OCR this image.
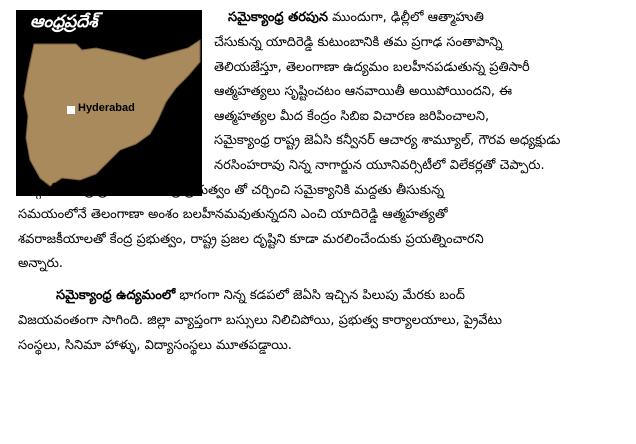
ఆంధ్రప్రదేశ్
Hyderabad
సమైక్యాంధ్ర తరపున ముందుగా, ఢిల్లీలో ఆత్మాహుతి
చేసుకున్న యాదిరెడ్డి కుటుంబానికి తమ ప్రగాఢ సంతాపాన్ని
తెలియజేస్తూ, తెలంగాణా ఉద్యమం బలహీనపడుతున్న ప్రతిసారీ
ఆత్మహత్యలు సృష్టించటం ఆనవాయితీ అయిపోయిందని, ఈ
ఆత్మహత్యల మీద కేంద్రం సిబిఐ విచారణ జరిపించాలని,
సమైక్యాంధ్ర రాష్ట్ర జెఏసి కన్వీనర్ ఆచార్య శామ్యూల్, గౌరవ అధ్యక్షుడు
నరసింహరావు నిన్న నాగార్జున యూనివర్సిటీలో విలేకర్లతో చెప్పారు.
సరిగ్గా సీమాంధ్ర ప్రతినిధులు కేంద్ర ప్రభుత్వం తో చర్చించి సమైక్యానికి మద్దతు తీసుకున్న
సమయంలోనే తెలంగాణా అంశం బలహీనమవుతున్నదని ఎంచి యాదిరెడ్డి ఆత్మహత్యతో
శవరాజకీయాలతో కేంద్ర ప్రభుత్వం, రాష్ట్ర ప్రజల దృష్టిని కూడా మరలించేందుకు ప్రయత్నించారని
అన్నారు.
సమైక్యాంధ్ర ఉద్యమంలో భాగంగా నిన్న కడపలో జెఏసి ఇచ్చిన పిలుపు మేరకు బంద్
విజయవంతంగా సాగింది. జిల్లా వ్యాప్తంగా బస్సులు నిలిచిపోయి, ప్రభుత్వ కార్యాలయాలు, ప్రైవేటు
సంస్థలు, సినిమా హాళ్ళు, విద్యాసంస్థలు మూతపడ్డాయి.
